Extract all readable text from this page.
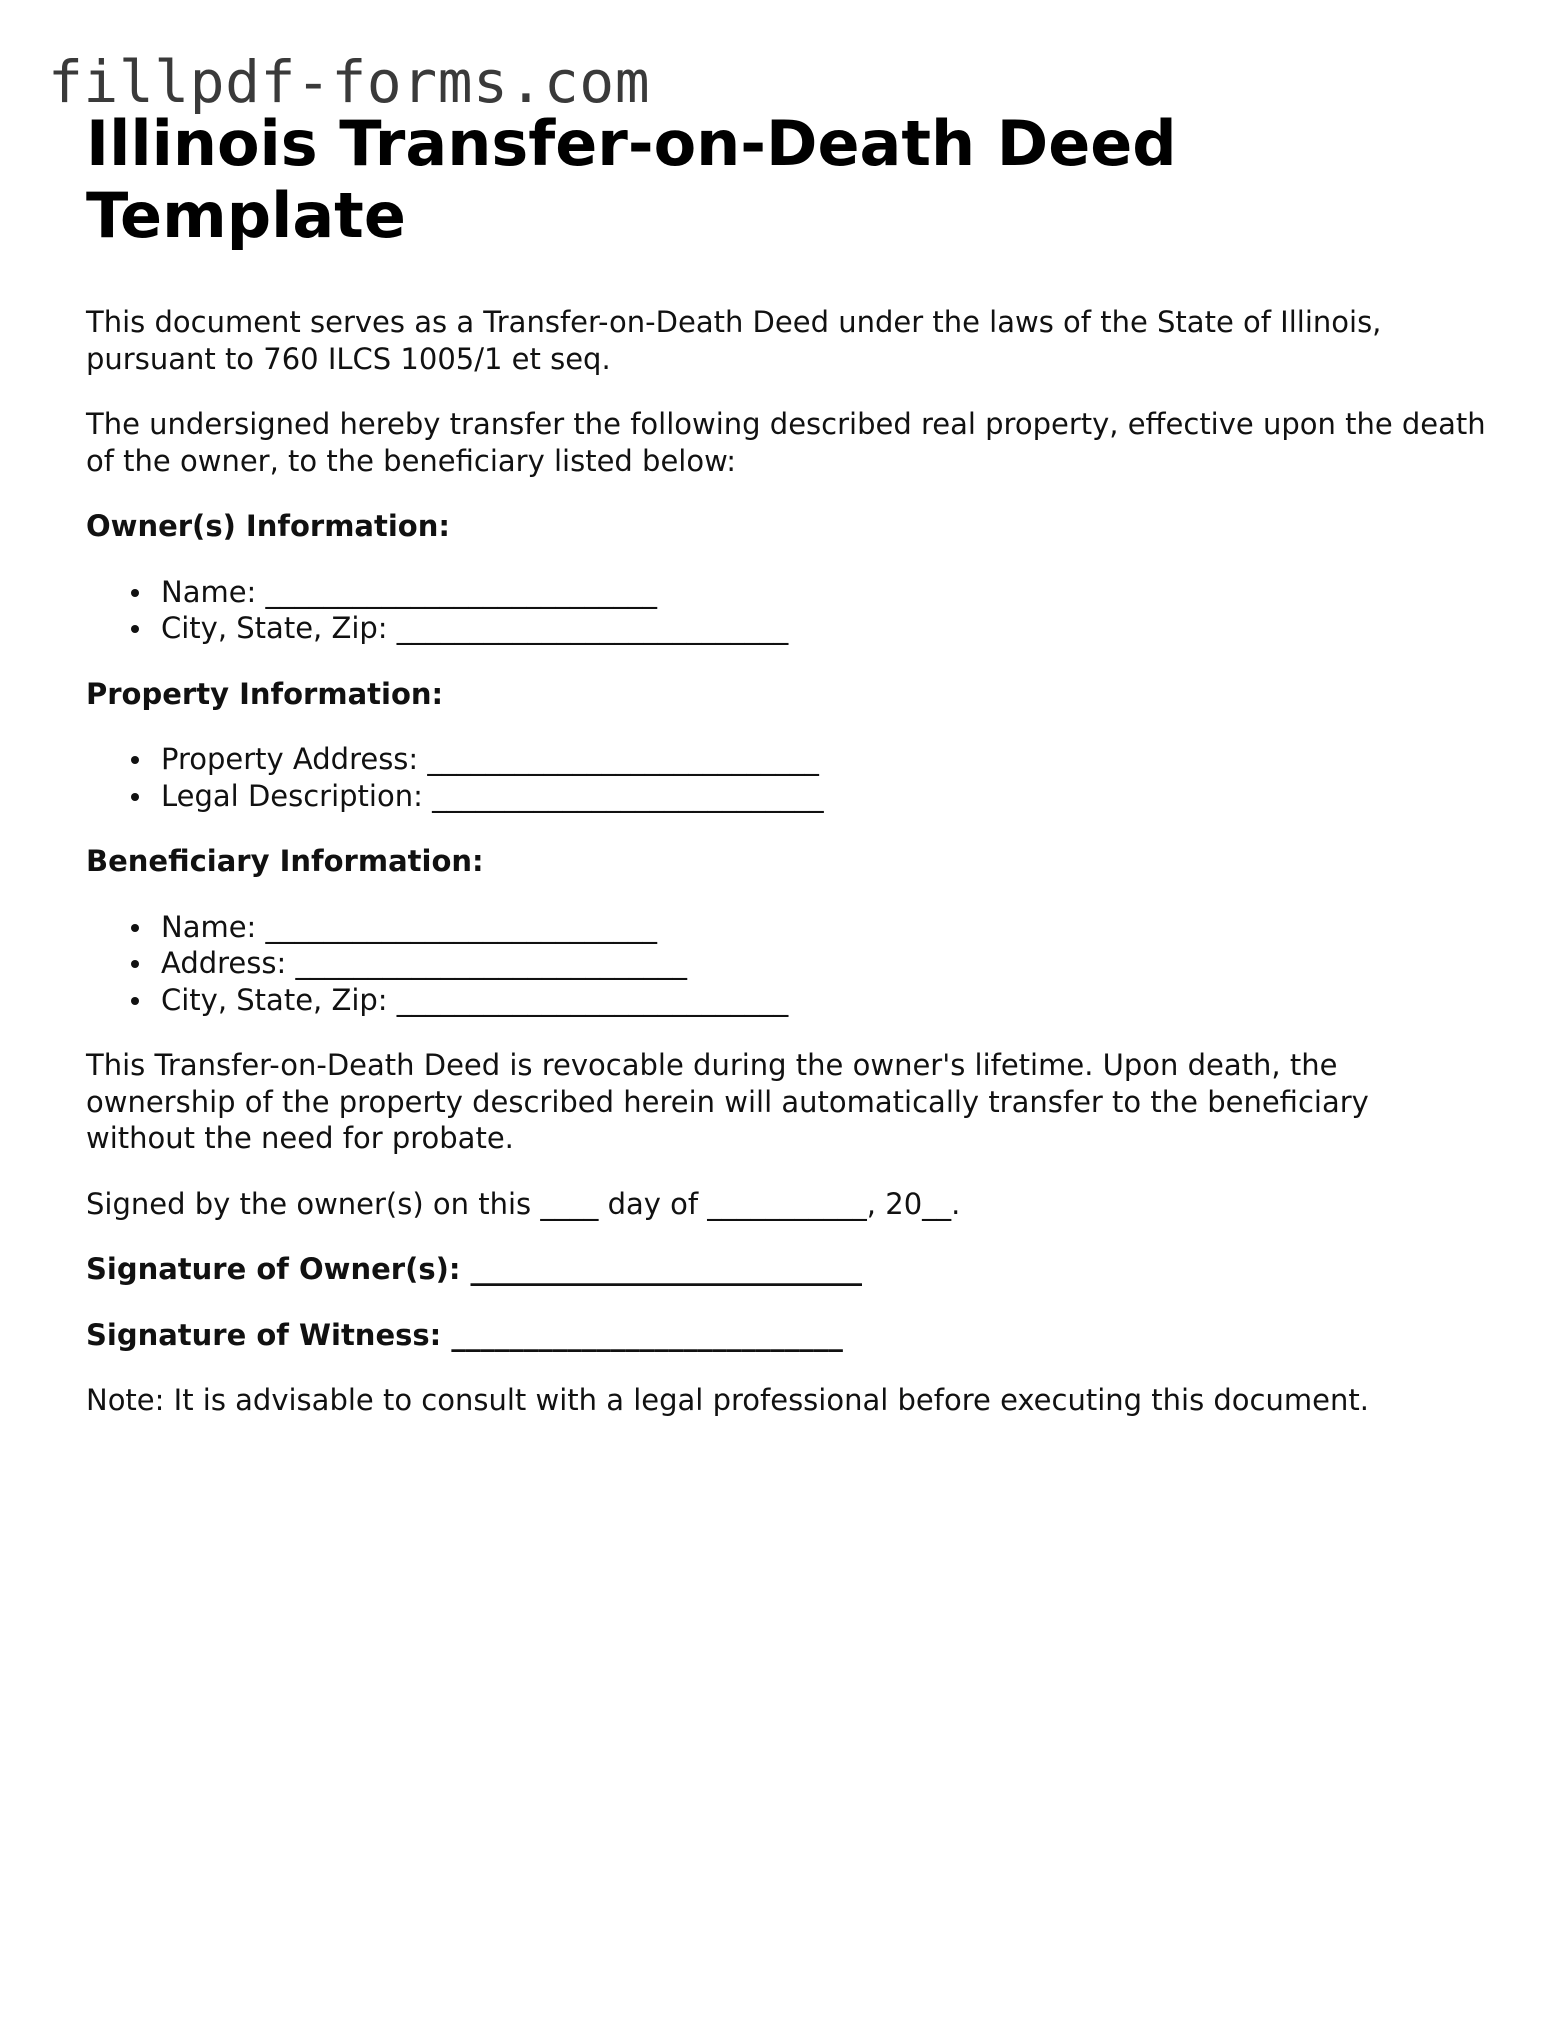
fillpdf-forms.com
Illinois Transfer-on-Death Deed
Template

This document serves as a Transfer-on-Death Deed under the laws of the State of Illinois, pursuant to 760 ILCS 1005/1 et seq.

The undersigned hereby transfer the following described real property, effective upon the death of the owner, to the beneficiary listed below:

Owner(s) Information:

Name: ___________________________
City, State, Zip: ___________________________

Property Information:

Property Address: ___________________________
Legal Description: ___________________________

Beneficiary Information:

Name: ___________________________
Address: ___________________________
City, State, Zip: ___________________________

This Transfer-on-Death Deed is revocable during the owner's lifetime. Upon death, the ownership of the property described herein will automatically transfer to the beneficiary without the need for probate.

Signed by the owner(s) on this ____ day of ___________, 20__.

Signature of Owner(s): ___________________________

Signature of Witness: ___________________________

Note: It is advisable to consult with a legal professional before executing this document.
